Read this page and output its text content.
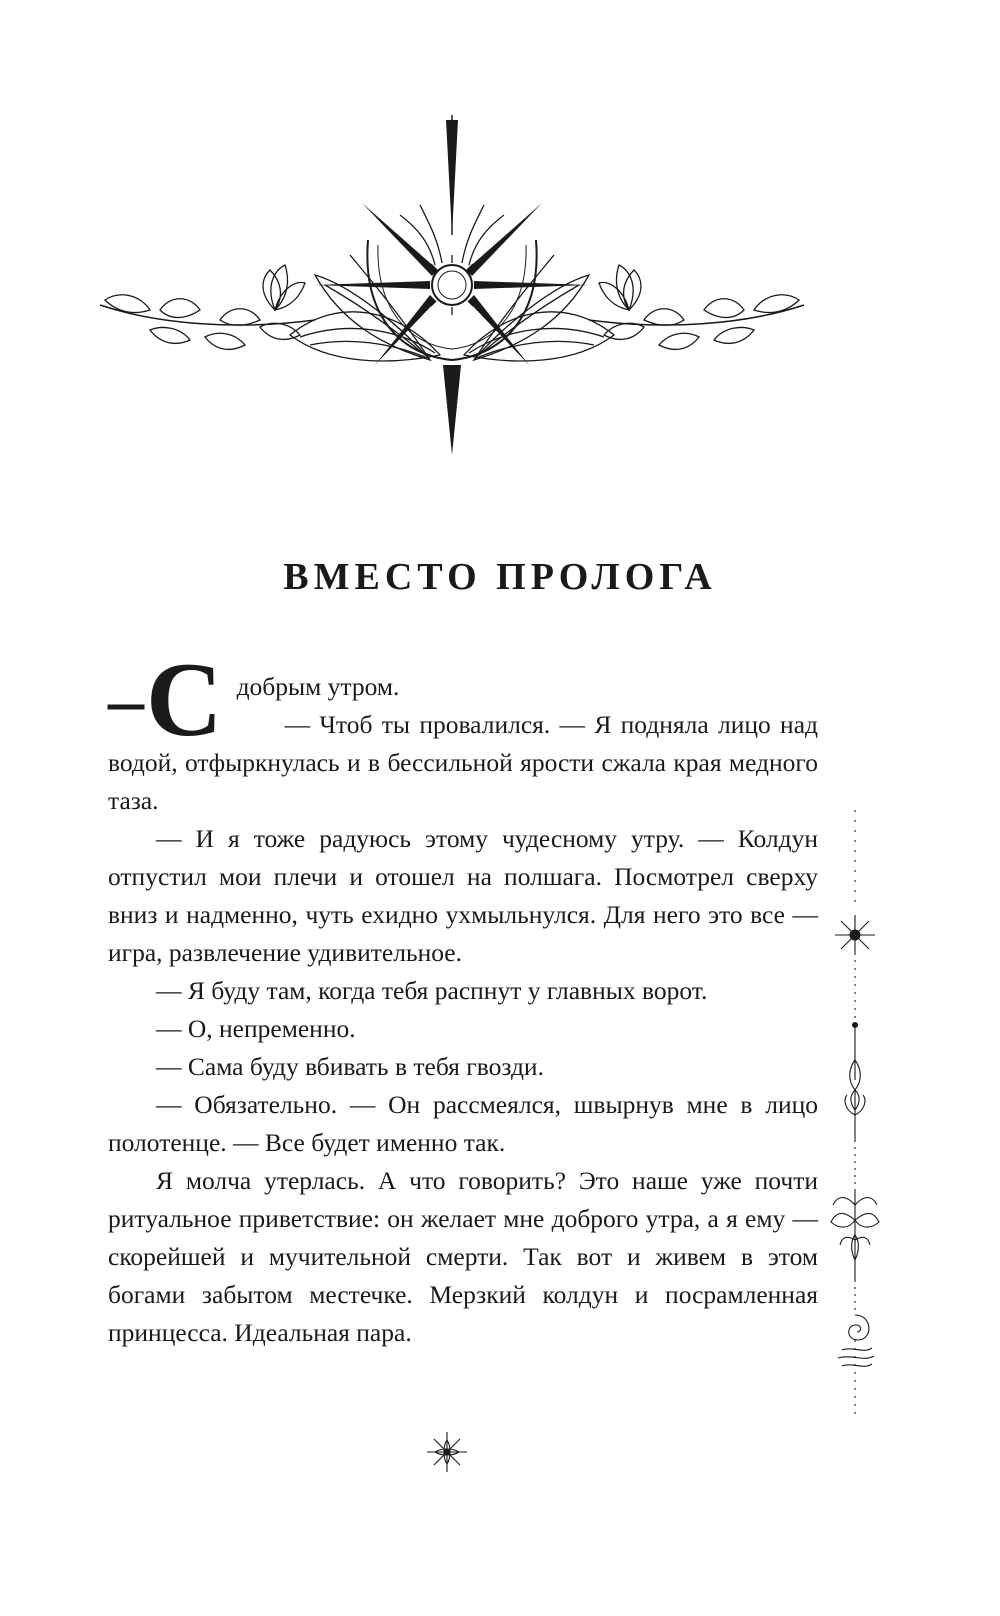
ВМЕСТО ПРОЛОГА

– С добрым утром.

— Чтоб ты провалился. — Я подняла лицо над водой, отфыркнулась и в бессильной ярости сжала края медного таза.

— И я тоже радуюсь этому чудесному утру. — Колдун отпустил мои плечи и отошел на полшага. Посмотрел сверху вниз и надменно, чуть ехидно ухмыльнулся. Для него это все — игра, развлечение удивительное.

— Я буду там, когда тебя распнут у главных ворот.

— О, непременно.

— Сама буду вбивать в тебя гвозди.

— Обязательно. — Он рассмеялся, швырнув мне в лицо полотенце. — Все будет именно так.

Я молча утерлась. А что говорить? Это наше уже почти ритуальное приветствие: он желает мне доброго утра, а я ему — скорейшей и мучительной смерти. Так вот и живем в этом богами забытом местечке. Мерзкий колдун и посрамленная принцесса. Идеальная пара.
